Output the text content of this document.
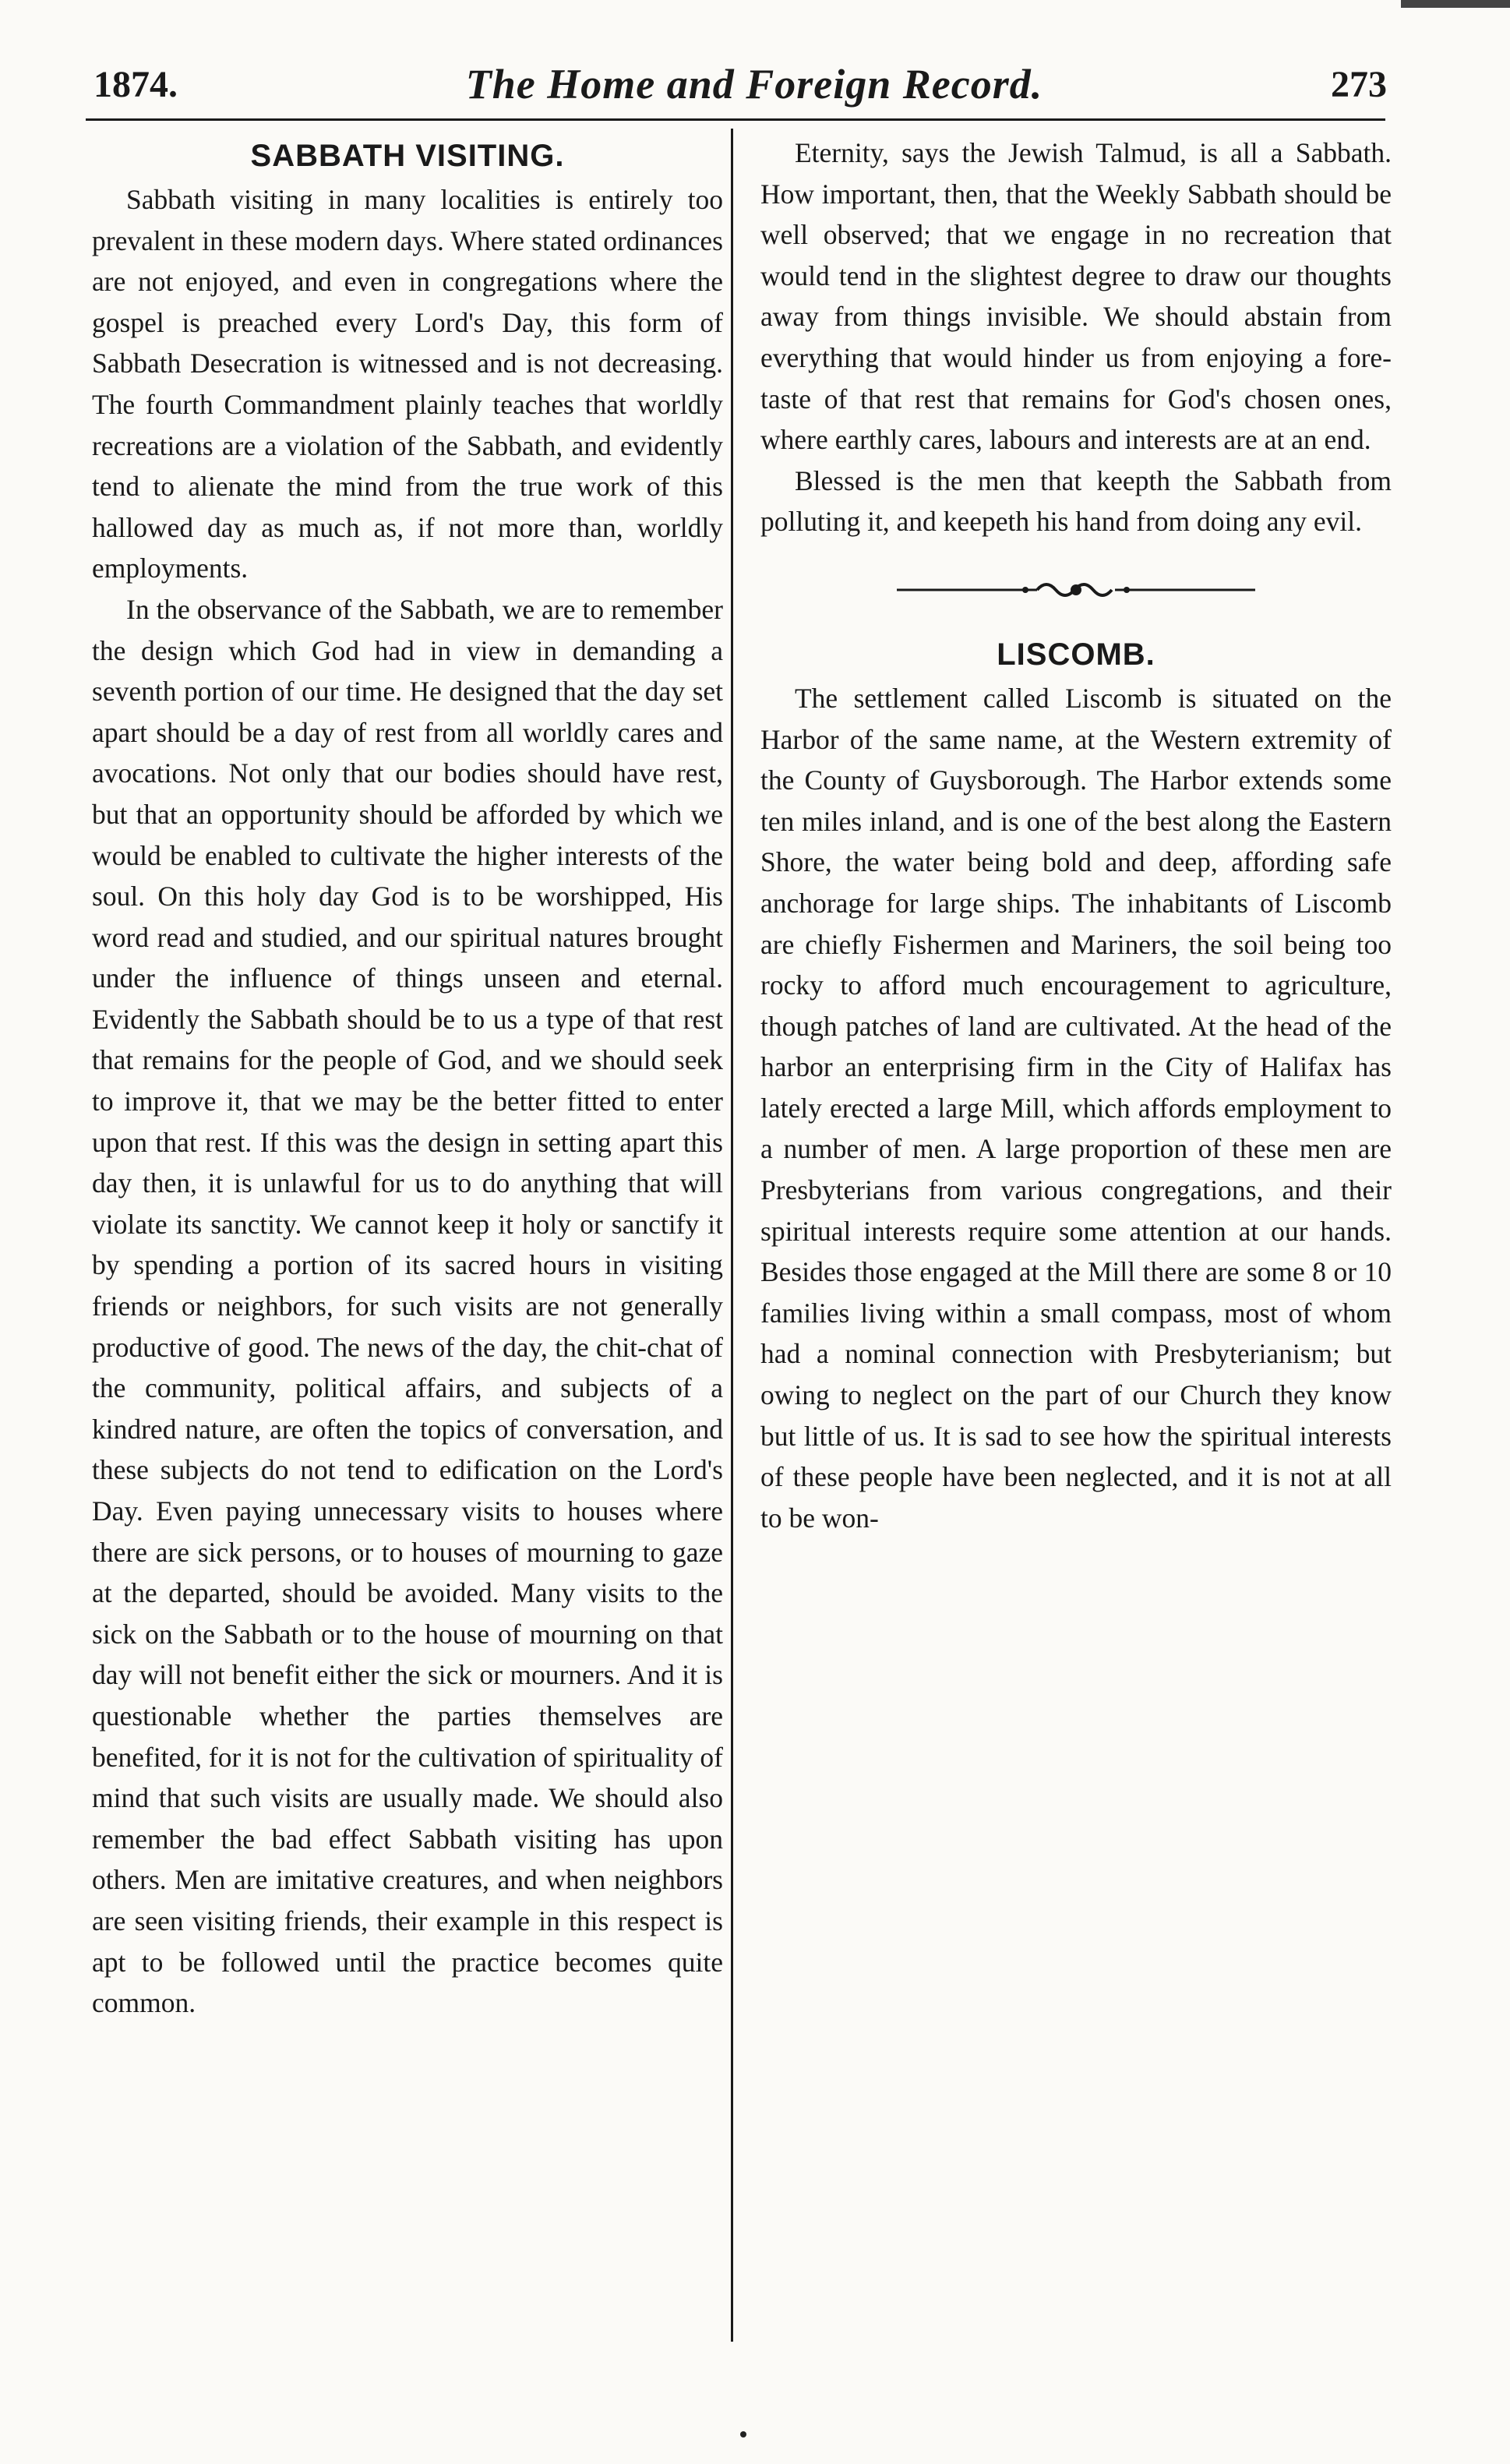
1874.	The Home and Foreign Record.	273
SABBATH VISITING.

Sabbath visiting in many localities is entirely too prevalent in these modern days. Where stated ordinances are not enjoyed, and even in congregations where the gospel is preached every Lord's Day, this form of Sabbath Desecration is witnessed and is not decreasing. The fourth Commandment plainly teaches that worldly recreations are a violation of the Sabbath, and evidently tend to alienate the mind from the true work of this hallowed day as much as, if not more than, worldly employments.

In the observance of the Sabbath, we are to remember the design which God had in view in demanding a seventh portion of our time. He designed that the day set apart should be a day of rest from all worldly cares and avocations. Not only that our bodies should have rest, but that an opportunity should be afforded by which we would be enabled to cultivate the higher interests of the soul. On this holy day God is to be worshipped, His word read and studied, and our spiritual natures brought under the influence of things unseen and eternal. Evidently the Sabbath should be to us a type of that rest that remains for the people of God, and we should seek to improve it, that we may be the better fitted to enter upon that rest. If this was the design in setting apart this day then, it is unlawful for us to do anything that will violate its sanctity. We cannot keep it holy or sanctify it by spending a portion of its sacred hours in visiting friends or neighbors, for such visits are not generally productive of good. The news of the day, the chit-chat of the community, political affairs, and subjects of a kindred nature, are often the topics of conversation, and these subjects do not tend to edification on the Lord's Day. Even paying unnecessary visits to houses where there are sick persons, or to houses of mourning to gaze at the departed, should be avoided. Many visits to the sick on the Sabbath or to the house of mourning on that day will not benefit either the sick or mourners. And it is questionable whether the parties themselves are benefited, for it is not for the cultivation of spirituality of mind that such visits are usually made. We should also remember the bad effect Sabbath visiting has upon others. Men are imitative creatures, and when neighbors are seen visiting friends, their example in this respect is apt to be followed until the practice becomes quite common.

Eternity, says the Jewish Talmud, is all a Sabbath. How important, then, that the Weekly Sabbath should be well observed; that we engage in no recreation that would tend in the slightest degree to draw our thoughts away from things invisible. We should abstain from everything that would hinder us from enjoying a fore-taste of that rest that remains for God's chosen ones, where earthly cares, labours and interests are at an end.

Blessed is the men that keepth the Sabbath from polluting it, and keepeth his hand from doing any evil.

LISCOMB.

The settlement called Liscomb is situated on the Harbor of the same name, at the Western extremity of the County of Guysborough. The Harbor extends some ten miles inland, and is one of the best along the Eastern Shore, the water being bold and deep, affording safe anchorage for large ships. The inhabitants of Liscomb are chiefly Fishermen and Mariners, the soil being too rocky to afford much encouragement to agriculture, though patches of land are cultivated. At the head of the harbor an enterprising firm in the City of Halifax has lately erected a large Mill, which affords employment to a number of men. A large proportion of these men are Presbyterians from various congregations, and their spiritual interests require some attention at our hands. Besides those engaged at the Mill there are some 8 or 10 families living within a small compass, most of whom had a nominal connection with Presbyterianism; but owing to neglect on the part of our Church they know but little of us. It is sad to see how the spiritual interests of these people have been neglected, and it is not at all to be won-
